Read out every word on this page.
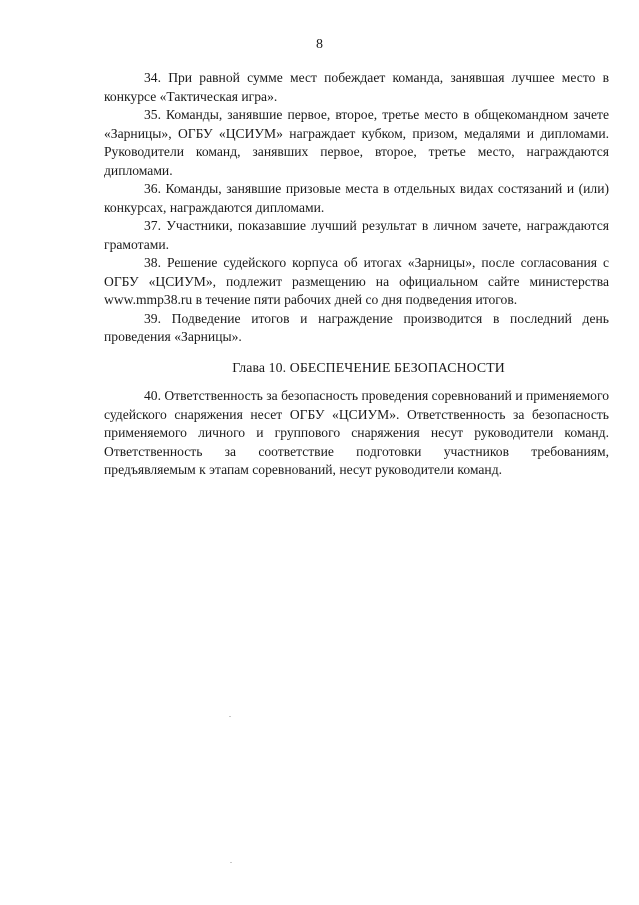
8

34. При равной сумме мест побеждает команда, занявшая лучшее место в конкурсе «Тактическая игра».

35. Команды, занявшие первое, второе, третье место в общекомандном зачете «Зарницы», ОГБУ «ЦСИУМ» награждает кубком, призом, медалями и дипломами. Руководители команд, занявших первое, второе, третье место, награждаются дипломами.

36. Команды, занявшие призовые места в отдельных видах состязаний и (или) конкурсах, награждаются дипломами.

37. Участники, показавшие лучший результат в личном зачете, награждаются грамотами.

38. Решение судейского корпуса об итогах «Зарницы», после согласования с ОГБУ «ЦСИУМ», подлежит размещению на официальном сайте министерства www.mmp38.ru в течение пяти рабочих дней со дня подведения итогов.

39. Подведение итогов и награждение производится в последний день проведения «Зарницы».

Глава 10. ОБЕСПЕЧЕНИЕ БЕЗОПАСНОСТИ

40. Ответственность за безопасность проведения соревнований и применяемого судейского снаряжения несет ОГБУ «ЦСИУМ». Ответственность за безопасность применяемого личного и группового снаряжения несут руководители команд. Ответственность за соответствие подготовки участников требованиям, предъявляемым к этапам соревнований, несут руководители команд.
